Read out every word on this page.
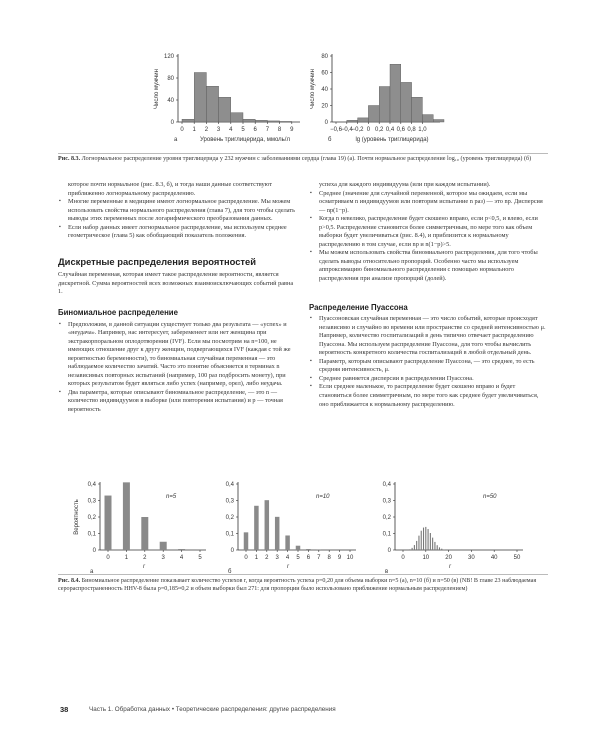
0
40
80
120
0 1 2 3 4 5 6 7 8 9
Уровень триглицерида, ммоль/л
Число мужчин
а
0
20
40
60
80
−0,6
−0,4
−0,2 0 0,2 0,4 0,6 0,8 1,0
lg (уровень триглицерида)
Число мужчин
б
Рис. 8.3. Логнормальное распределение уровня триглицерида у 232 мужчин с заболеваниями сердца (глава 19) (а). Почти нормальное распределение log₁₀ (уровень триглицерида) (б)

которое почти нормальное (рис. 8.3, б), и тогда наши данные соответствуют приближенно логнормальному распределению.

▪ Многие переменные в медицине имеют логнормальное распределение. Мы можем использовать свойства нормального распределения (глава 7), для того чтобы сделать выводы этих переменных после логарифмического преобразования данных.
▪ Если набор данных имеет логнормальное распределение, мы используем среднее геометрическое (глава 5) как обобщающий показатель положения.
Дискретные распределения вероятностей

Случайная переменная, которая имеет такое распределение вероятности, является дискретной. Сумма вероятностей всех возможных взаимоисключающих событий равна 1.

Биномиальное распределение
▪ Предположим, в данной ситуации существует только два результата — «успех» и «неудача». Например, нас интересует, забеременеет или нет женщина при экстракорпоральном оплодотворении (IVF). Если мы посмотрим на n=100, не имеющих отношение друг к другу женщин, подвергающихся IVF (каждая с той же вероятностью беременности), то биномиальная случайная переменная — это наблюдаемое количество зачатий. Часто это понятие объясняется в терминах n независимых повторных испытаний (например, 100 раз подбросить монету), при которых результатом будет являться либо успех (например, орел), либо неудача.
▪ Два параметра, которые описывают биномиальное распределение, — это n — количество индивидуумов в выборке (или повторения испытания) и p — точная вероятность

успеха для каждого индивидуума (или при каждом испытании).

▪ Среднее (значение для случайной переменной, которое мы ожидаем, если мы осматриваем n индивидуумов или повторим испытание n раз) — это np. Дисперсия — np(1−p).
▪ Когда n невелико, распределение будет скошено вправо, если p<0,5, и влево, если p>0,5. Распределение становится более симметричным, по мере того как объем выборки будет увеличиваться (рис. 8.4), и приблизится к нормальному распределению в том случае, если np и n(1−p)>5.
▪ Мы можем использовать свойства биномиального распределения, для того чтобы сделать выводы относительно пропорций. Особенно часто мы используем аппроксимацию биномиального распределения с помощью нормального распределения при анализе пропорций (долей).
Распределение Пуассона
▪ Пуассоновская случайная переменная — это число событий, которые происходят независимо и случайно во времени или пространстве со средней интенсивностью μ. Например, количество госпитализаций в день типично отвечает распределению Пуассона. Мы используем распределение Пуассона, для того чтобы вычислить вероятность конкретного количества госпитализаций в любой отдельный день.
▪ Параметр, которым описывают распределение Пуассона, — это среднее, то есть средняя интенсивность, μ.
▪ Среднее равняется дисперсии в распределении Пуассона.
▪ Если среднее маленькое, то распределение будет скошено вправо и будет становиться более симметричным, по мере того как среднее будет увеличиваться, оно приближается к нормальному распределению.
0
0,1
0,2
0,3
0,4
0	1	2	3	4	5
r
n=5
а
Вероятность
0
0,1
0,2
0,3
0,4
0 1 2 3 4 5 6 7 8 9 10
r
n=10
б
0
0,1
0,2
0,3
0,4
0	10	20	30	40	50
r
n=50
в
Рис. 8.4. Биномиальное распределение показывает количество успехов r, когда вероятность успеха p=0,20 для объема выборки n=5 (а), n=10 (б) и n=50 (в) (NB! В главе 23 наблюдаемая серораспространенность HHV-8 была p=0,185≈0,2 и объем выборки был 271: для пропорции было использовано приближение нормальным распределением)
38	Часть 1. Обработка данных • Теоретические распределения: другие распределения
